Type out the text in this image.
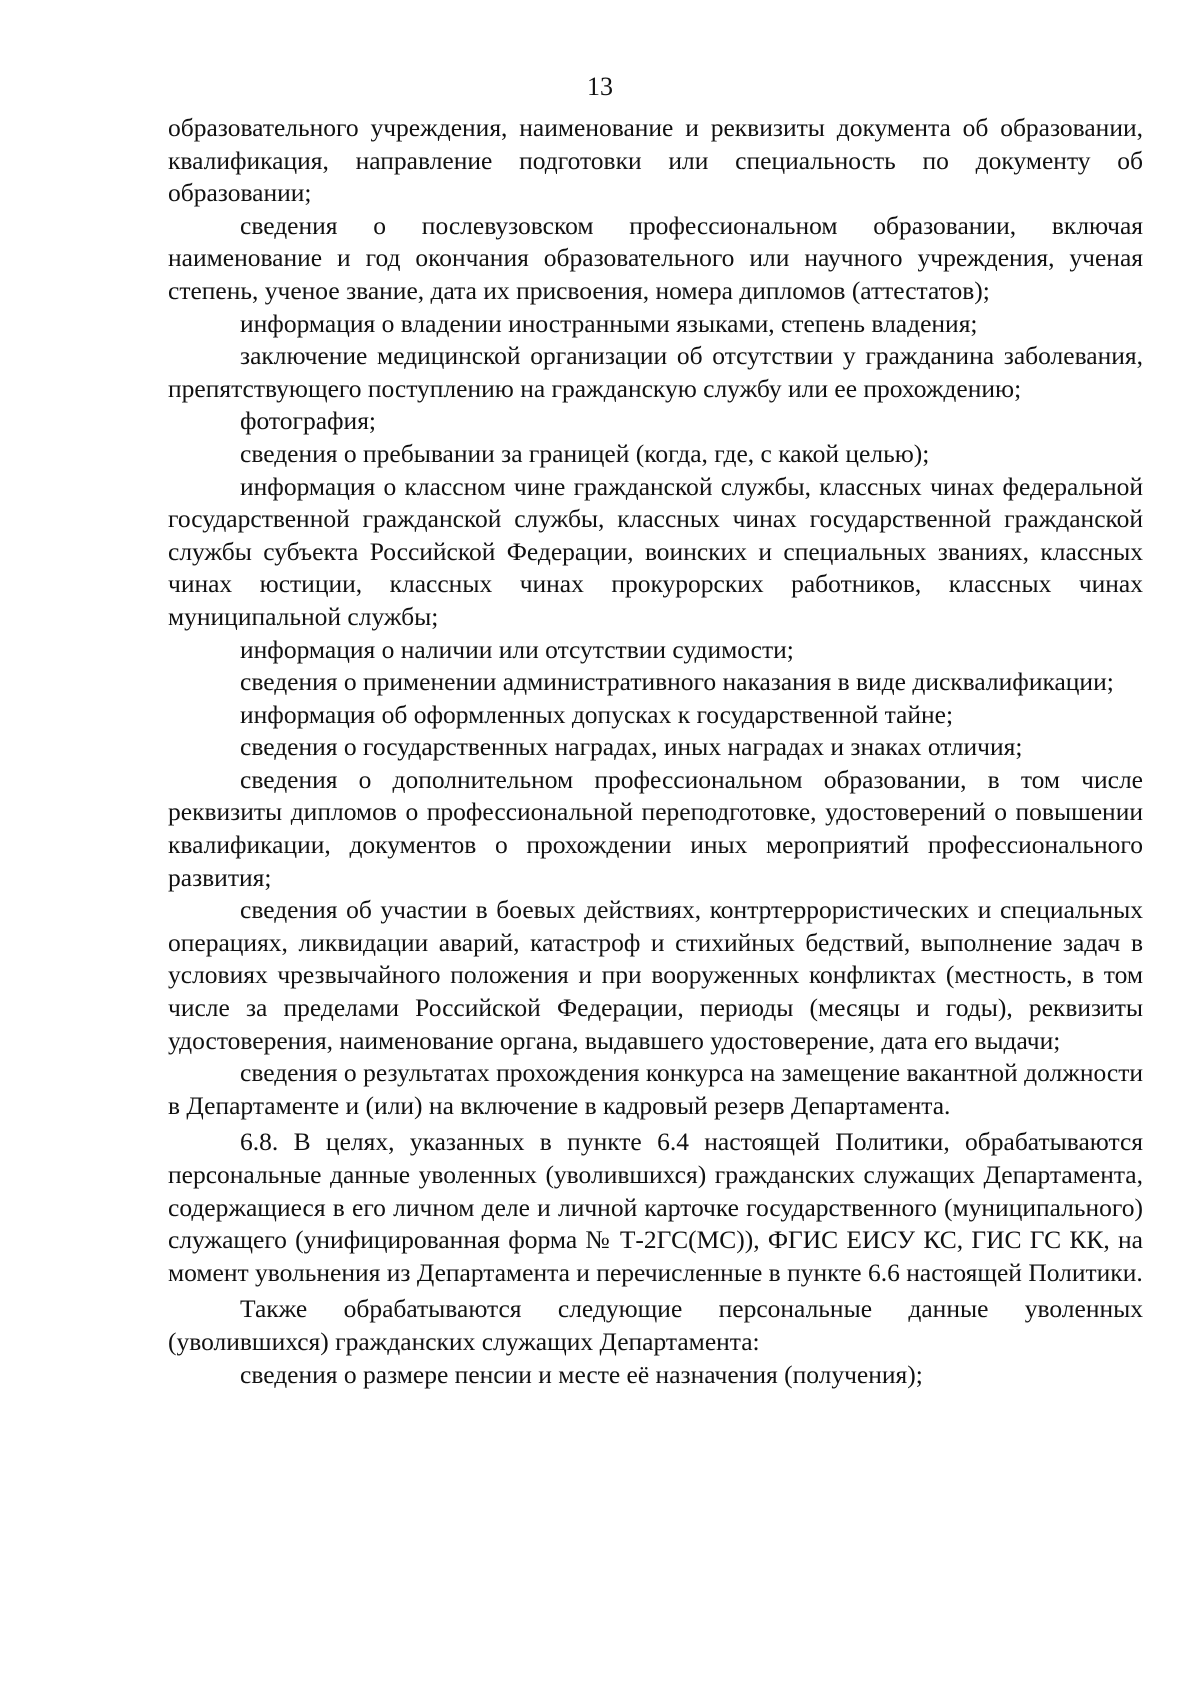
13

образовательного учреждения, наименование и реквизиты документа об образовании, квалификация, направление подготовки или специальность по документу об образовании;

сведения о послевузовском профессиональном образовании, включая наименование и год окончания образовательного или научного учреждения, ученая степень, ученое звание, дата их присвоения, номера дипломов (аттестатов);

информация о владении иностранными языками, степень владения;

заключение медицинской организации об отсутствии у гражданина заболевания, препятствующего поступлению на гражданскую службу или ее прохождению;

фотография;

сведения о пребывании за границей (когда, где, с какой целью);

информация о классном чине гражданской службы, классных чинах федеральной государственной гражданской службы, классных чинах государственной гражданской службы субъекта Российской Федерации, воинских и специальных званиях, классных чинах юстиции, классных чинах прокурорских работников, классных чинах муниципальной службы;

информация о наличии или отсутствии судимости;

сведения о применении административного наказания в виде дисквалификации;

информация об оформленных допусках к государственной тайне;

сведения о государственных наградах, иных наградах и знаках отличия;

сведения о дополнительном профессиональном образовании, в том числе реквизиты дипломов о профессиональной переподготовке, удостоверений о повышении квалификации, документов о прохождении иных мероприятий профессионального развития;

сведения об участии в боевых действиях, контртеррористических и специальных операциях, ликвидации аварий, катастроф и стихийных бедствий, выполнение задач в условиях чрезвычайного положения и при вооруженных конфликтах (местность, в том числе за пределами Российской Федерации, периоды (месяцы и годы), реквизиты удостоверения, наименование органа, выдавшего удостоверение, дата его выдачи;

сведения о результатах прохождения конкурса на замещение вакантной должности в Департаменте и (или) на включение в кадровый резерв Департамента.

6.8. В целях, указанных в пункте 6.4 настоящей Политики, обрабатываются персональные данные уволенных (уволившихся) гражданских служащих Департамента, содержащиеся в его личном деле и личной карточке государственного (муниципального) служащего (унифицированная форма № Т-2ГС(МС)), ФГИС ЕИСУ КС, ГИС ГС КК, на момент увольнения из Департамента и перечисленные в пункте 6.6 настоящей Политики.

Также обрабатываются следующие персональные данные уволенных (уволившихся) гражданских служащих Департамента:

сведения о размере пенсии и месте её назначения (получения);
